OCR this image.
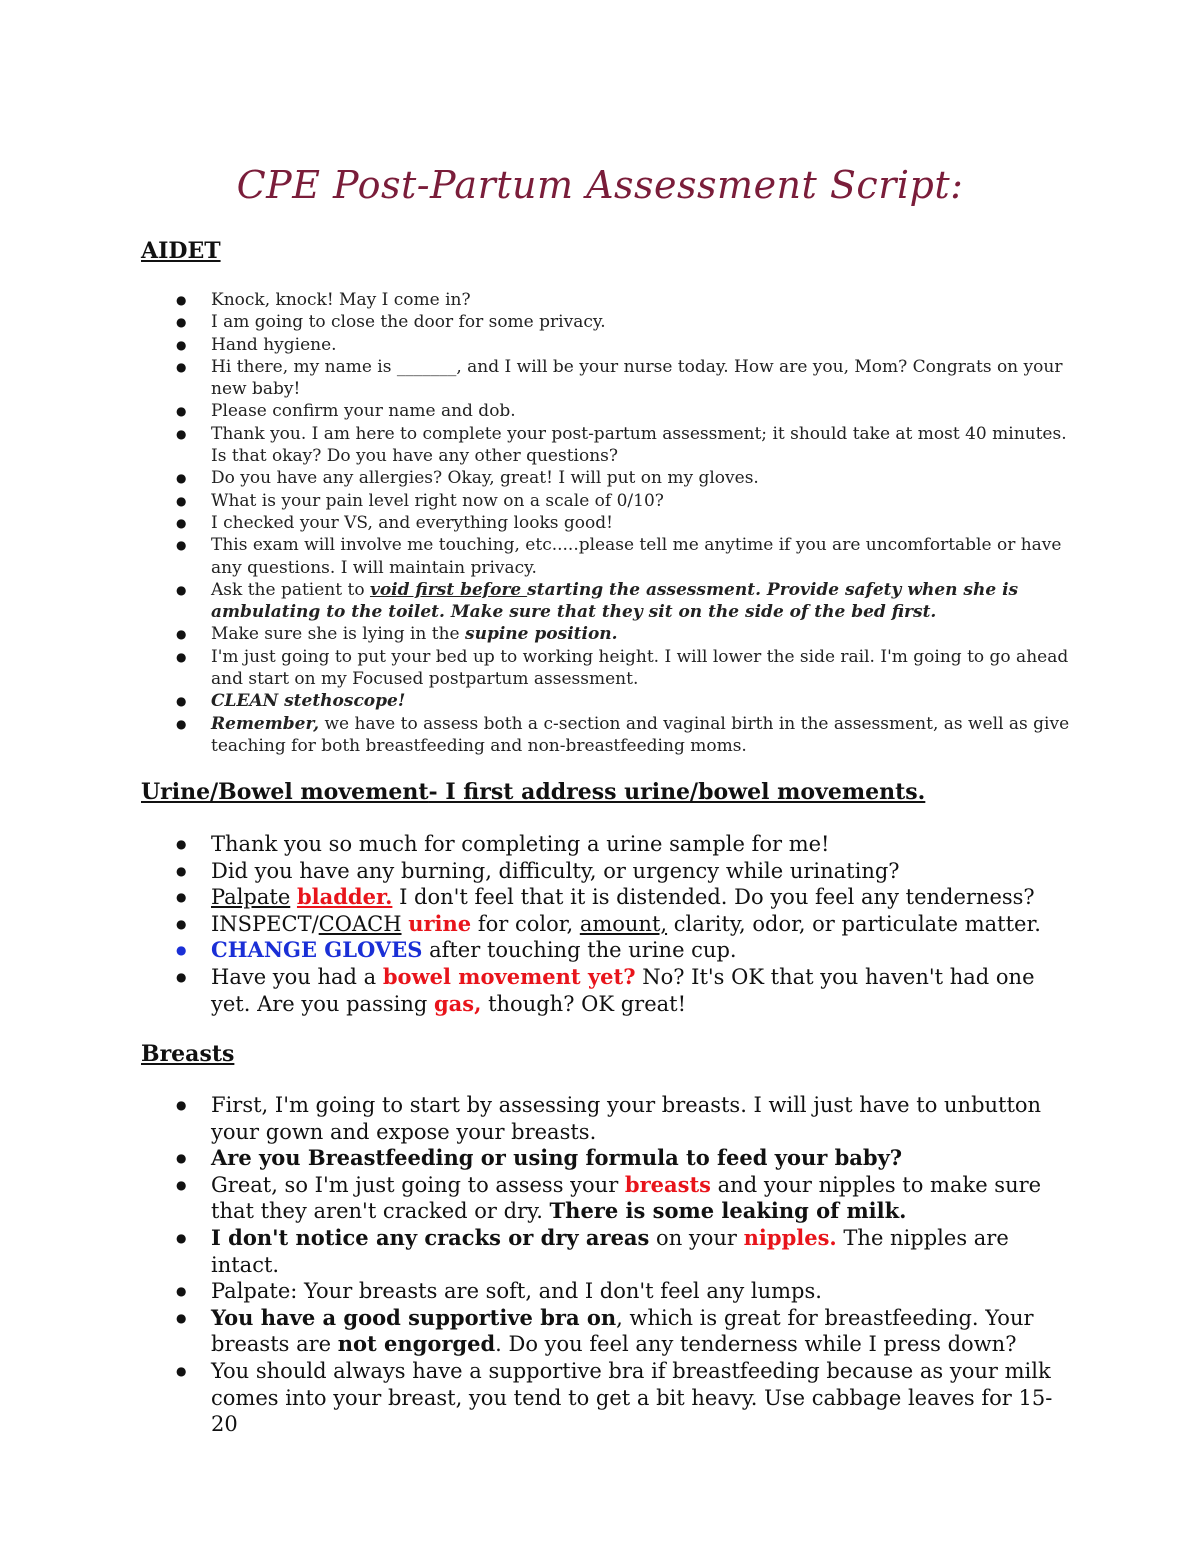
CPE Post-Partum Assessment Script:
AIDET
● Knock, knock! May I come in?
● I am going to close the door for some privacy.
● Hand hygiene.
● Hi there, my name is _______, and I will be your nurse today. How are you, Mom? Congrats on your new baby!
● Please confirm your name and dob.
● Thank you. I am here to complete your post-partum assessment; it should take at most 40 minutes. Is that okay? Do you have any other questions?
● Do you have any allergies? Okay, great! I will put on my gloves.
● What is your pain level right now on a scale of 0/10?
● I checked your VS, and everything looks good!
● This exam will involve me touching, etc.....please tell me anytime if you are uncomfortable or have any questions. I will maintain privacy.
● Ask the patient to void first before starting the assessment. Provide safety when she is ambulating to the toilet. Make sure that they sit on the side of the bed first.
● Make sure she is lying in the supine position.
● I'm just going to put your bed up to working height. I will lower the side rail. I'm going to go ahead and start on my Focused postpartum assessment.
● CLEAN stethoscope!
● Remember, we have to assess both a c-section and vaginal birth in the assessment, as well as give teaching for both breastfeeding and non-breastfeeding moms.
Urine/Bowel movement- I first address urine/bowel movements.
● Thank you so much for completing a urine sample for me!
● Did you have any burning, difficulty, or urgency while urinating?
● Palpate bladder. I don't feel that it is distended. Do you feel any tenderness?
● INSPECT/COACH urine for color, amount, clarity, odor, or particulate matter.
● CHANGE GLOVES after touching the urine cup.
● Have you had a bowel movement yet? No? It's OK that you haven't had one yet. Are you passing gas, though? OK great!
Breasts
● First, I'm going to start by assessing your breasts. I will just have to unbutton your gown and expose your breasts.
● Are you Breastfeeding or using formula to feed your baby?
● Great, so I'm just going to assess your breasts and your nipples to make sure that they aren't cracked or dry. There is some leaking of milk.
● I don't notice any cracks or dry areas on your nipples. The nipples are intact.
● Palpate: Your breasts are soft, and I don't feel any lumps.
● You have a good supportive bra on, which is great for breastfeeding. Your breasts are not engorged. Do you feel any tenderness while I press down?
● You should always have a supportive bra if breastfeeding because as your milk comes into your breast, you tend to get a bit heavy. Use cabbage leaves for 15-20
